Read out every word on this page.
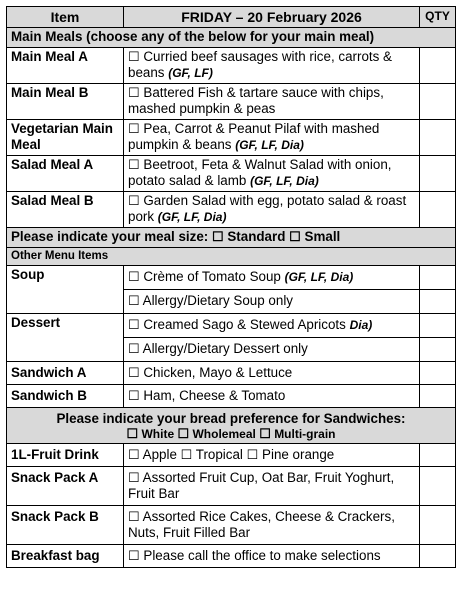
Item	FRIDAY – 20 February 2026	QTY
Main Meals (choose any of the below for your main meal)		
Main Meal A	☐ Curried beef sausages with rice, carrots & beans (GF, LF)	
Main Meal B	☐ Battered Fish & tartare sauce with chips, mashed pumpkin & peas	
Vegetarian Main Meal	☐ Pea, Carrot & Peanut Pilaf with mashed pumpkin & beans (GF, LF, Dia)	
Salad Meal A	☐ Beetroot, Feta & Walnut Salad with onion, potato salad & lamb (GF, LF, Dia)	
Salad Meal B	☐ Garden Salad with egg, potato salad & roast pork (GF, LF, Dia)	
Please indicate your meal size: ☐ Standard ☐ Small		
Other Menu Items		
Soup	☐ Crème of Tomato Soup (GF, LF, Dia)	
	☐ Allergy/Dietary Soup only	
Dessert	☐ Creamed Sago & Stewed Apricots Dia)	
	☐ Allergy/Dietary Dessert only	
Sandwich A	☐ Chicken, Mayo & Lettuce	
Sandwich B	☐ Ham, Cheese & Tomato	

Please indicate your bread preference for Sandwiches:
☐ White ☐ Wholemeal ☐ Multi-grain		

1L-Fruit Drink	☐ Apple ☐ Tropical ☐ Pine orange	
Snack Pack A	☐ Assorted Fruit Cup, Oat Bar, Fruit Yoghurt, Fruit Bar	
Snack Pack B	☐ Assorted Rice Cakes, Cheese & Crackers, Nuts, Fruit Filled Bar	
Breakfast bag	☐ Please call the office to make selections	
